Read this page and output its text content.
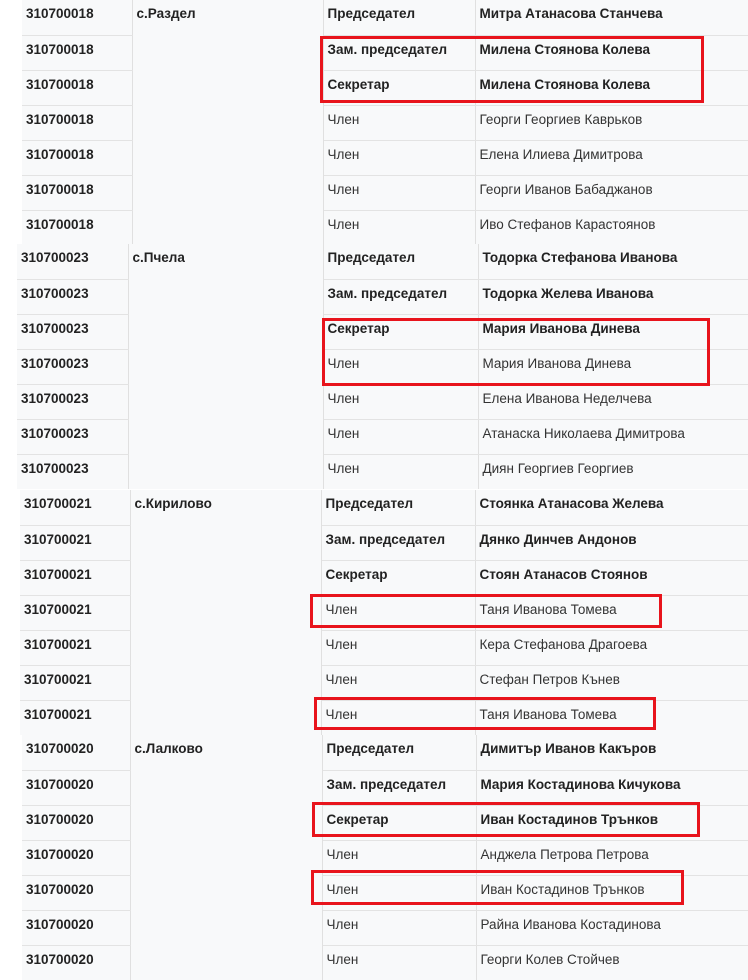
310700018	с.Раздел	Председател	Митра Атанасова Станчева
310700018		Зам. председател	Милена Стоянова Колева
310700018		Секретар	Милена Стоянова Колева
310700018		Член	Георги Георгиев Каврьков
310700018		Член	Елена Илиева Димитрова
310700018		Член	Георги Иванов Бабаджанов
310700018		Член	Иво Стефанов Карастоянов
310700023	с.Пчела	Председател	Тодорка Стефанова Иванова
310700023		Зам. председател	Тодорка Желева Иванова
310700023		Секретар	Мария Иванова Динева
310700023		Член	Мария Иванова Динева
310700023		Член	Елена Иванова Неделчева
310700023		Член	Атанаска Николаева Димитрова
310700023		Член	Диян Георгиев Георгиев
310700021	с.Кирилово	Председател	Стоянка Атанасова Желева
310700021		Зам. председател	Дянко Динчев Андонов
310700021		Секретар	Стоян Атанасов Стоянов
310700021		Член	Таня Иванова Томева
310700021		Член	Кера Стефанова Драгоева
310700021		Член	Стефан Петров Кънев
310700021		Член	Таня Иванова Томева
310700020	с.Лалково	Председател	Димитър Иванов Какъров
310700020		Зам. председател	Мария Костадинова Кичукова
310700020		Секретар	Иван Костадинов Трънков
310700020		Член	Анджела Петрова Петрова
310700020		Член	Иван Костадинов Трънков
310700020		Член	Райна Иванова Костадинова
310700020		Член	Георги Колев Стойчев
